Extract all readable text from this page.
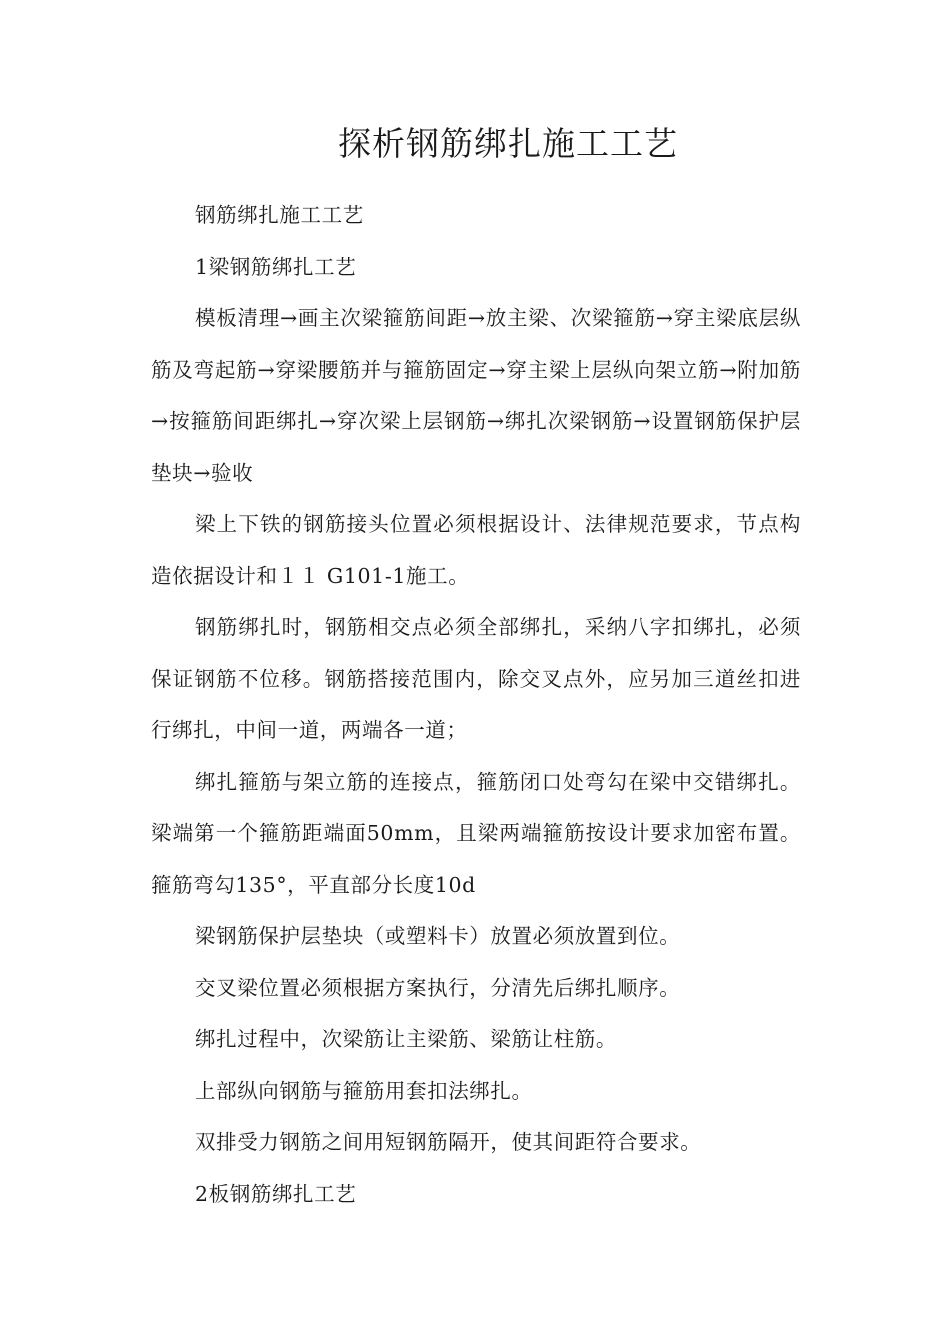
探析钢筋绑扎施工工艺

钢筋绑扎施工工艺

1梁钢筋绑扎工艺

模板清理→画主次梁箍筋间距→放主梁、次梁箍筋→穿主梁底层纵筋及弯起筋→穿梁腰筋并与箍筋固定→穿主梁上层纵向架立筋→附加筋→按箍筋间距绑扎→穿次梁上层钢筋→绑扎次梁钢筋→设置钢筋保护层垫块→验收

梁上下铁的钢筋接头位置必须根据设计、法律规范要求，节点构造依据设计和１１ G101-1施工。

钢筋绑扎时，钢筋相交点必须全部绑扎，采纳八字扣绑扎，必须保证钢筋不位移。钢筋搭接范围内，除交叉点外，应另加三道丝扣进行绑扎，中间一道，两端各一道；

绑扎箍筋与架立筋的连接点，箍筋闭口处弯勾在梁中交错绑扎。梁端第一个箍筋距端面50mm，且梁两端箍筋按设计要求加密布置。箍筋弯勾135°，平直部分长度10d

梁钢筋保护层垫块（或塑料卡）放置必须放置到位。

交叉梁位置必须根据方案执行，分清先后绑扎顺序。

绑扎过程中，次梁筋让主梁筋、梁筋让柱筋。

上部纵向钢筋与箍筋用套扣法绑扎。

双排受力钢筋之间用短钢筋隔开，使其间距符合要求。

2板钢筋绑扎工艺
